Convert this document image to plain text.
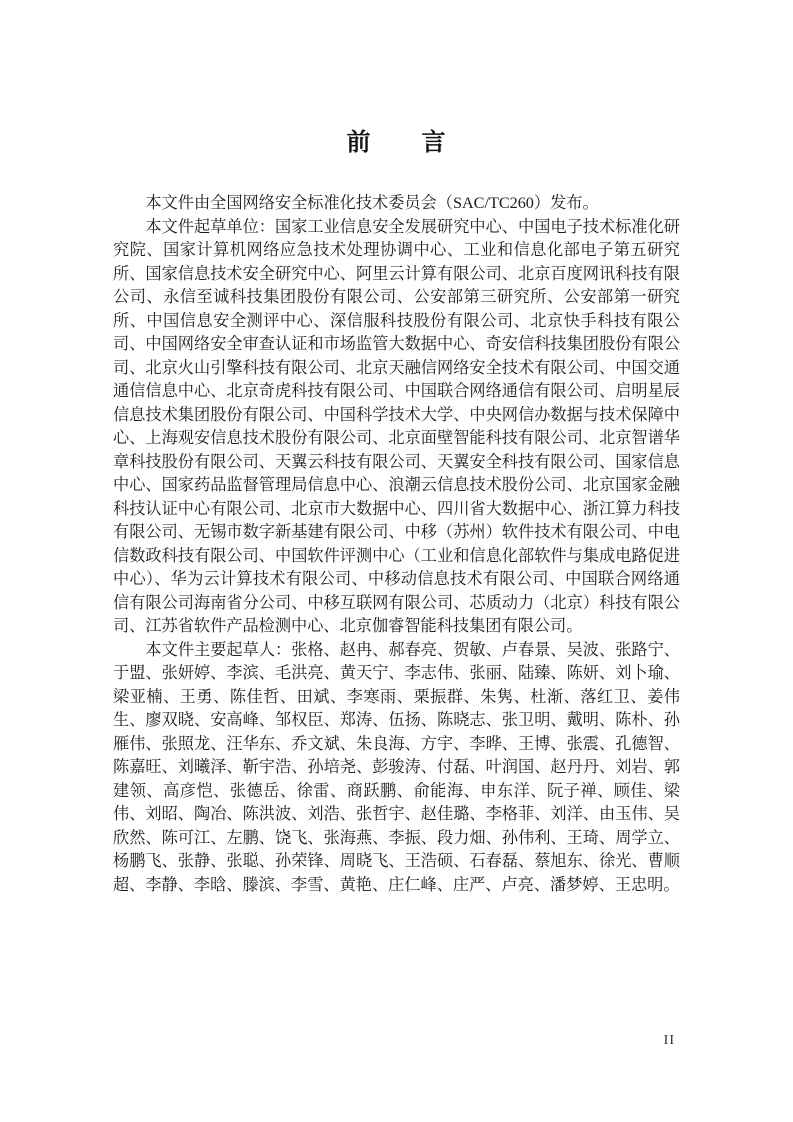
前　　言

本文件由全国网络安全标准化技术委员会（SAC/TC260）发布。

本文件起草单位：国家工业信息安全发展研究中心、中国电子技术标准化研究院、国家计算机网络应急技术处理协调中心、工业和信息化部电子第五研究所、国家信息技术安全研究中心、阿里云计算有限公司、北京百度网讯科技有限公司、永信至诚科技集团股份有限公司、公安部第三研究所、公安部第一研究所、中国信息安全测评中心、深信服科技股份有限公司、北京快手科技有限公司、中国网络安全审查认证和市场监管大数据中心、奇安信科技集团股份有限公司、北京火山引擎科技有限公司、北京天融信网络安全技术有限公司、中国交通通信信息中心、北京奇虎科技有限公司、中国联合网络通信有限公司、启明星辰信息技术集团股份有限公司、中国科学技术大学、中央网信办数据与技术保障中心、上海观安信息技术股份有限公司、北京面壁智能科技有限公司、北京智谱华章科技股份有限公司、天翼云科技有限公司、天翼安全科技有限公司、国家信息中心、国家药品监督管理局信息中心、浪潮云信息技术股份公司、北京国家金融科技认证中心有限公司、北京市大数据中心、四川省大数据中心、浙江算力科技有限公司、无锡市数字新基建有限公司、中移（苏州）软件技术有限公司、中电信数政科技有限公司、中国软件评测中心（工业和信息化部软件与集成电路促进中心）、华为云计算技术有限公司、中移动信息技术有限公司、中国联合网络通信有限公司海南省分公司、中移互联网有限公司、芯质动力（北京）科技有限公司、江苏省软件产品检测中心、北京伽睿智能科技集团有限公司。

本文件主要起草人：张格、赵冉、郝春亮、贺敏、卢春景、吴波、张路宁、于盟、张妍婷、李滨、毛洪亮、黄天宁、李志伟、张丽、陆臻、陈妍、刘卜瑜、梁亚楠、王勇、陈佳哲、田斌、李寒雨、栗振群、朱隽、杜渐、落红卫、姜伟生、廖双晓、安高峰、邹权臣、郑涛、伍扬、陈晓志、张卫明、戴明、陈朴、孙雁伟、张照龙、汪华东、乔文斌、朱良海、方宇、李晔、王博、张震、孔德智、陈嘉旺、刘曦泽、靳宇浩、孙培尧、彭骏涛、付磊、叶润国、赵丹丹、刘岩、郭建领、高彦恺、张德岳、徐雷、商跃鹏、俞能海、申东洋、阮子禅、顾佳、梁伟、刘昭、陶冶、陈洪波、刘浩、张哲宇、赵佳璐、李格菲、刘洋、由玉伟、吴欣然、陈可江、左鹏、饶飞、张海燕、李振、段力畑、孙伟利、王琦、周学立、杨鹏飞、张静、张聪、孙荣锋、周晓飞、王浩硕、石春磊、蔡旭东、徐光、曹顺超、李静、李晗、滕滨、李雪、黄艳、庄仁峰、庄严、卢亮、潘梦婷、王忠明。

II
